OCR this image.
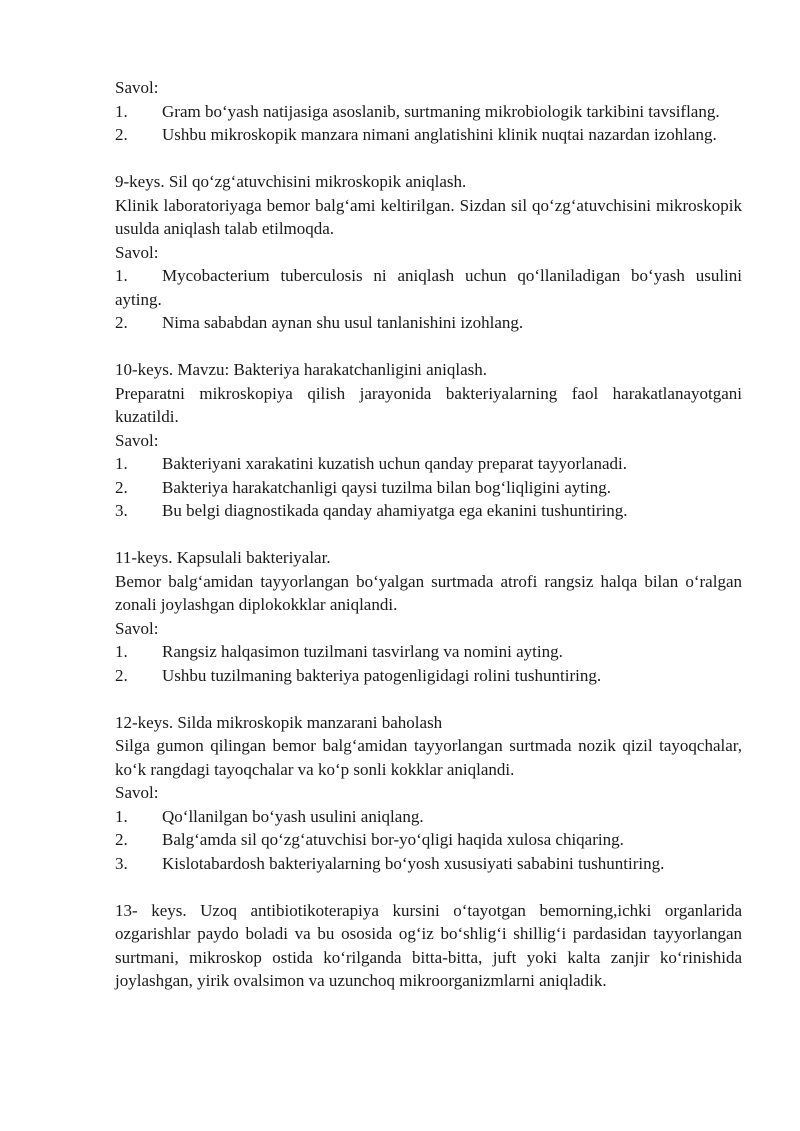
Savol:

1. Gram bo‘yash natijasiga asoslanib, surtmaning mikrobiologik tarkibini tavsiflang.
2. Ushbu mikroskopik manzara nimani anglatishini klinik nuqtai nazardan izohlang.

9-keys. Sil qo‘zg‘atuvchisini mikroskopik aniqlash.

Klinik laboratoriyaga bemor balg‘ami keltirilgan. Sizdan sil qo‘zg‘atuvchisini mikroskopik usulda aniqlash talab etilmoqda.

Savol:

1. Mycobacterium tuberculosis ni aniqlash uchun qo‘llaniladigan bo‘yash usulini ayting.
2.	Nima sababdan aynan shu usul tanlanishini izohlang.

10-keys. Mavzu: Bakteriya harakatchanligini aniqlash.

Preparatni mikroskopiya qilish jarayonida bakteriyalarning faol harakatlanayotgani kuzatildi.

Savol:

1.	Bakteriyani xarakatini kuzatish uchun qanday preparat tayyorlanadi.
2.	Bakteriya harakatchanligi qaysi tuzilma bilan bog‘liqligini ayting.
3.	Bu belgi diagnostikada qanday ahamiyatga ega ekanini tushuntiring.

11-keys. Kapsulali bakteriyalar.

Bemor balg‘amidan tayyorlangan bo‘yalgan surtmada atrofi rangsiz halqa bilan o‘ralgan zonali joylashgan diplokokklar aniqlandi.

Savol:

1.	Rangsiz halqasimon tuzilmani tasvirlang va nomini ayting.
2.	Ushbu tuzilmaning bakteriya patogenligidagi rolini tushuntiring.

12-keys. Silda mikroskopik manzarani baholash

Silga gumon qilingan bemor balg‘amidan tayyorlangan surtmada nozik qizil tayoqchalar, ko‘k rangdagi tayoqchalar va ko‘p sonli kokklar aniqlandi.

Savol:

1.	Qo‘llanilgan bo‘yash usulini aniqlang.
2.	Balg‘amda sil qo‘zg‘atuvchisi bor-yo‘qligi haqida xulosa chiqaring.
3.	Kislotabardosh bakteriyalarning bo‘yosh xususiyati sababini tushuntiring.

13- keys. Uzoq antibiotikoterapiya kursini o‘tayotgan bemorning,ichki organlarida ozgarishlar paydo boladi va bu ososida og‘iz bo‘shlig‘i shillig‘i pardasidan tayyorlangan surtmani, mikroskop ostida ko‘rilganda bitta-bitta, juft yoki kalta zanjir ko‘rinishida joylashgan, yirik ovalsimon va uzunchoq mikroorganizmlarni aniqladik.
